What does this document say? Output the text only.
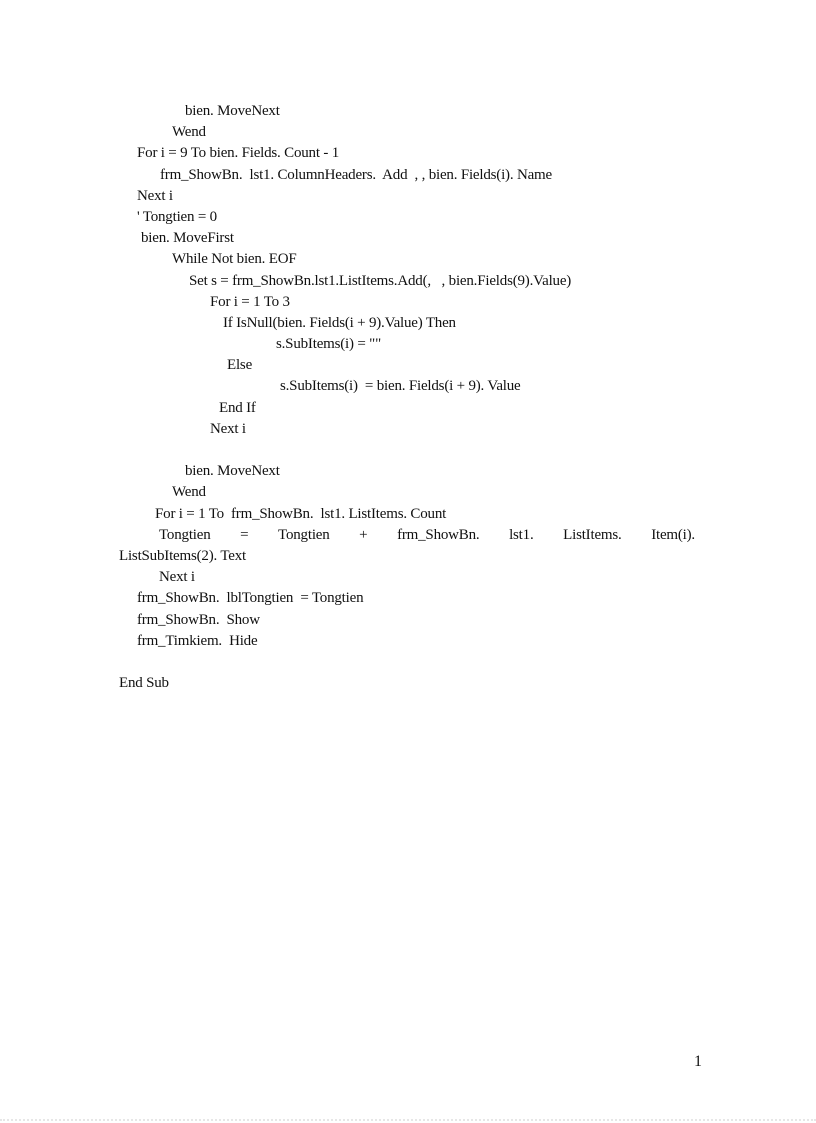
bien. MoveNext
Wend
For i = 9 To bien. Fields. Count - 1
frm_ShowBn.  lst1. ColumnHeaders.  Add  , , bien. Fields(i). Name
Next i
' Tongtien = 0
bien. MoveFirst
While Not bien. EOF
Set s = frm_ShowBn.lst1.ListItems.Add(,   , bien.Fields(9).Value)
For i = 1 To 3
If IsNull(bien. Fields(i + 9).Value) Then
s.SubItems(i) = ""
Else
s.SubItems(i)  = bien. Fields(i + 9). Value
End If
Next i
bien. MoveNext
Wend
For i = 1 To  frm_ShowBn.  lst1. ListItems. Count
Tongtien = Tongtien + frm_ShowBn. lst1. ListItems. Item(i).
ListSubItems(2). Text
Next i
frm_ShowBn.  lblTongtien  = Tongtien
frm_ShowBn.  Show
frm_Timkiem.  Hide
End Sub
1
